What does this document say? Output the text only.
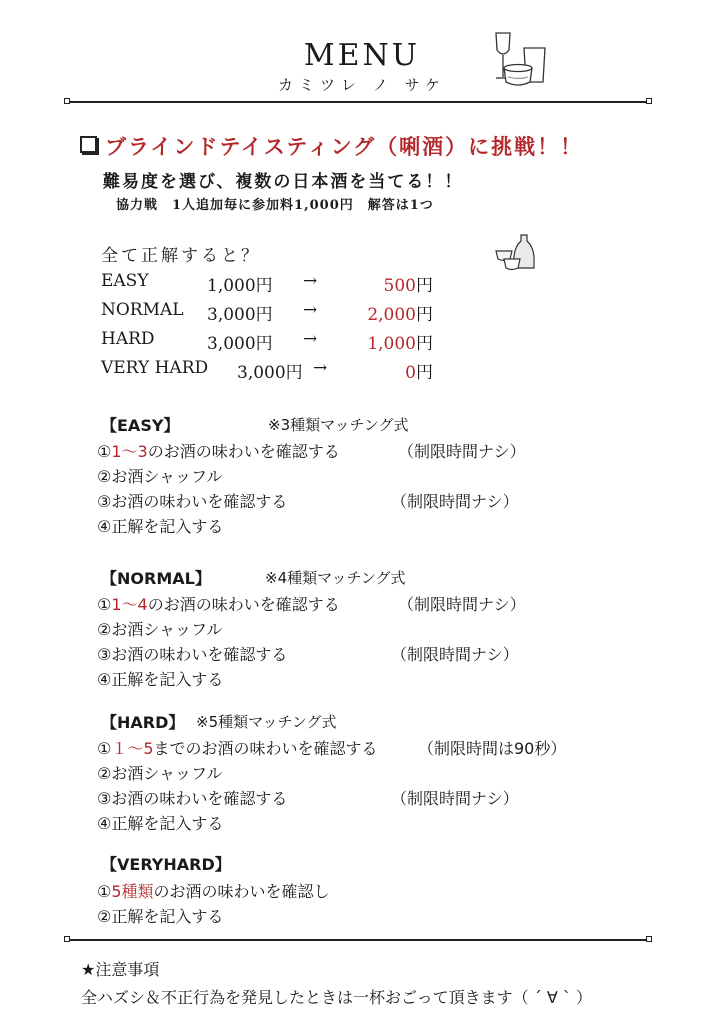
MENU
カミツレ ノ サケ
ブラインドテイスティング（唎酒）に挑戦！！
難易度を選び、複数の日本酒を当てる！！
協力戦　1人追加毎に参加料1,000円　解答は1つ
全て正解すると？
EASY	1,000円 →	500円
NORMAL 3,000円 →	2,000円
HARD	3,000円 →	1,000円
VERY HARD 3,000円 →	0円
【EASY】	※3種類マッチング式
①1～3のお酒の味わいを確認する	（制限時間ナシ）
②お酒シャッフル
③お酒の味わいを確認する	（制限時間ナシ）
④正解を記入する
【NORMAL】	※4種類マッチング式
①1～4のお酒の味わいを確認する	（制限時間ナシ）
②お酒シャッフル
③お酒の味わいを確認する	（制限時間ナシ）
④正解を記入する
【HARD】 ※5種類マッチング式
①１～5までのお酒の味わいを確認する	（制限時間は90秒）
②お酒シャッフル
③お酒の味わいを確認する	（制限時間ナシ）
④正解を記入する
【VERYHARD】
①5種類のお酒の味わいを確認し
②正解を記入する
★注意事項
全ハズシ＆不正行為を発見したときは一杯おごって頂きます（ ´ ∀ ` ）
